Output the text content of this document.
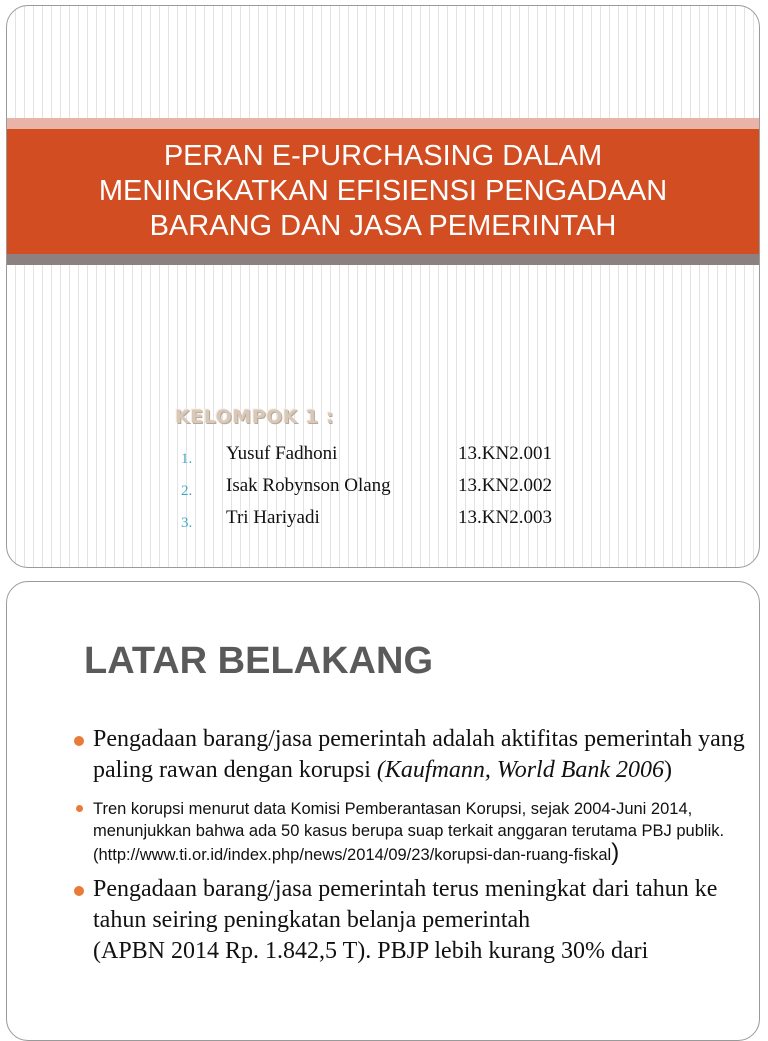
PERAN E-PURCHASING DALAM
MENINGKATKAN EFISIENSI PENGADAAN
BARANG DAN JASA PEMERINTAH

KELOMPOK 1 :

1. Yusuf Fadhoni	13.KN2.001
2. Isak Robynson Olang	13.KN2.002
3. Tri Hariyadi	13.KN2.003
LATAR BELAKANG
Pengadaan barang/jasa pemerintah adalah aktifitas pemerintah yang paling rawan dengan korupsi (Kaufmann, World Bank 2006)
Tren korupsi menurut data Komisi Pemberantasan Korupsi, sejak 2004-Juni 2014, menunjukkan bahwa ada 50 kasus berupa suap terkait anggaran terutama PBJ publik. (http://www.ti.or.id/index.php/news/2014/09/23/korupsi-dan-ruang-fiskal)
Pengadaan barang/jasa pemerintah terus meningkat dari tahun ke tahun seiring peningkatan belanja pemerintah
(APBN 2014 Rp. 1.842,5 T). PBJP lebih kurang 30% dari
